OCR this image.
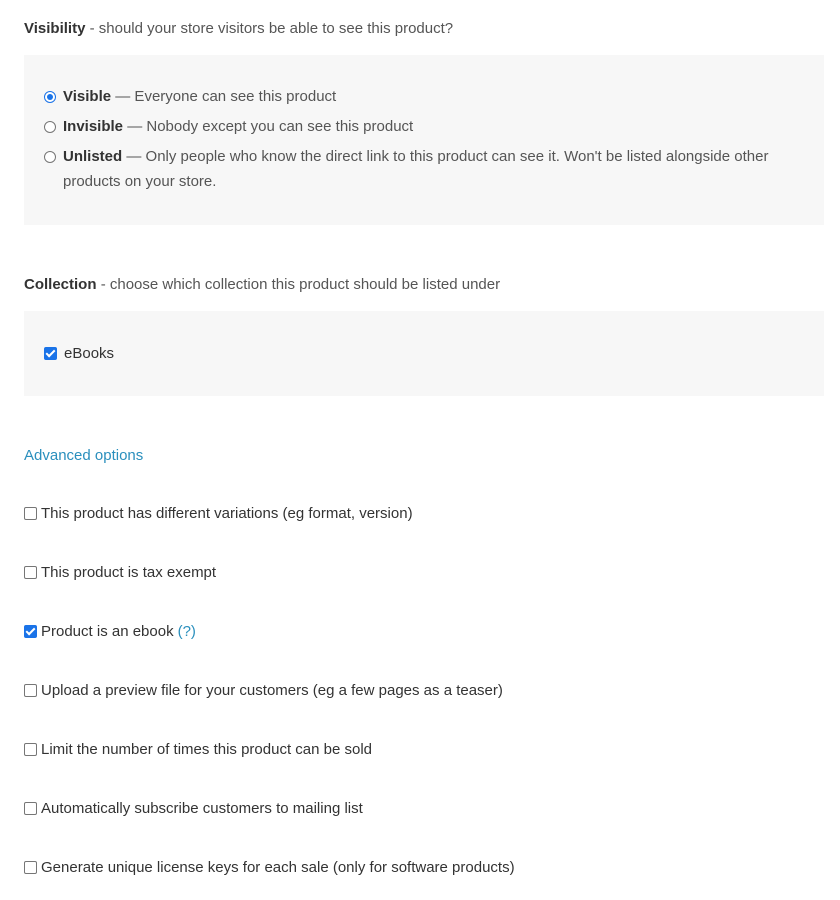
Visibility - should your store visitors be able to see this product?
Visible — Everyone can see this product
Invisible — Nobody except you can see this product
Unlisted — Only people who know the direct link to this product can see it. Won't be listed alongside other products on your store.
Collection - choose which collection this product should be listed under
eBooks
Advanced options
This product has different variations (eg format, version)
This product is tax exempt
Product is an ebook (?)
Upload a preview file for your customers (eg a few pages as a teaser)
Limit the number of times this product can be sold
Automatically subscribe customers to mailing list
Generate unique license keys for each sale (only for software products)
